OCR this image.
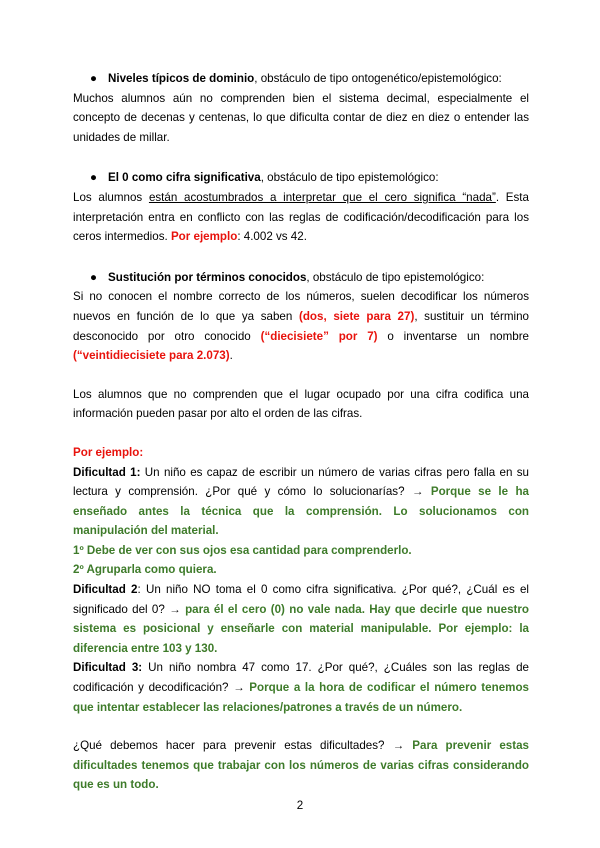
● Niveles típicos de dominio, obstáculo de tipo ontogenético/epistemológico:

Muchos alumnos aún no comprenden bien el sistema decimal, especialmente el concepto de decenas y centenas, lo que dificulta contar de diez en diez o entender las unidades de millar.

● El 0 como cifra significativa, obstáculo de tipo epistemológico:

Los alumnos están acostumbrados a interpretar que el cero significa “nada”. Esta interpretación entra en conflicto con las reglas de codificación/decodificación para los ceros intermedios. Por ejemplo: 4.002 vs 42.

● Sustitución por términos conocidos, obstáculo de tipo epistemológico:

Si no conocen el nombre correcto de los números, suelen decodificar los números nuevos en función de lo que ya saben (dos, siete para 27), sustituir un término desconocido por otro conocido (“diecisiete” por 7) o inventarse un nombre (“veintidiecisiete para 2.073).

Los alumnos que no comprenden que el lugar ocupado por una cifra codifica una información pueden pasar por alto el orden de las cifras.

Por ejemplo:

Dificultad 1: Un niño es capaz de escribir un número de varias cifras pero falla en su lectura y comprensión. ¿Por qué y cómo lo solucionarías? → Porque se le ha enseñado antes la técnica que la comprensión. Lo solucionamos con manipulación del material.

1º Debe de ver con sus ojos esa cantidad para comprenderlo.

2º Agruparla como quiera.

Dificultad 2: Un niño NO toma el 0 como cifra significativa. ¿Por qué?, ¿Cuál es el significado del 0? → para él el cero (0) no vale nada. Hay que decirle que nuestro sistema es posicional y enseñarle con material manipulable. Por ejemplo: la diferencia entre 103 y 130.

Dificultad 3: Un niño nombra 47 como 17. ¿Por qué?, ¿Cuáles son las reglas de codificación y decodificación? → Porque a la hora de codificar el número tenemos que intentar establecer las relaciones/patrones a través de un número.

¿Qué debemos hacer para prevenir estas dificultades? → Para prevenir estas dificultades tenemos que trabajar con los números de varias cifras considerando que es un todo.

2
